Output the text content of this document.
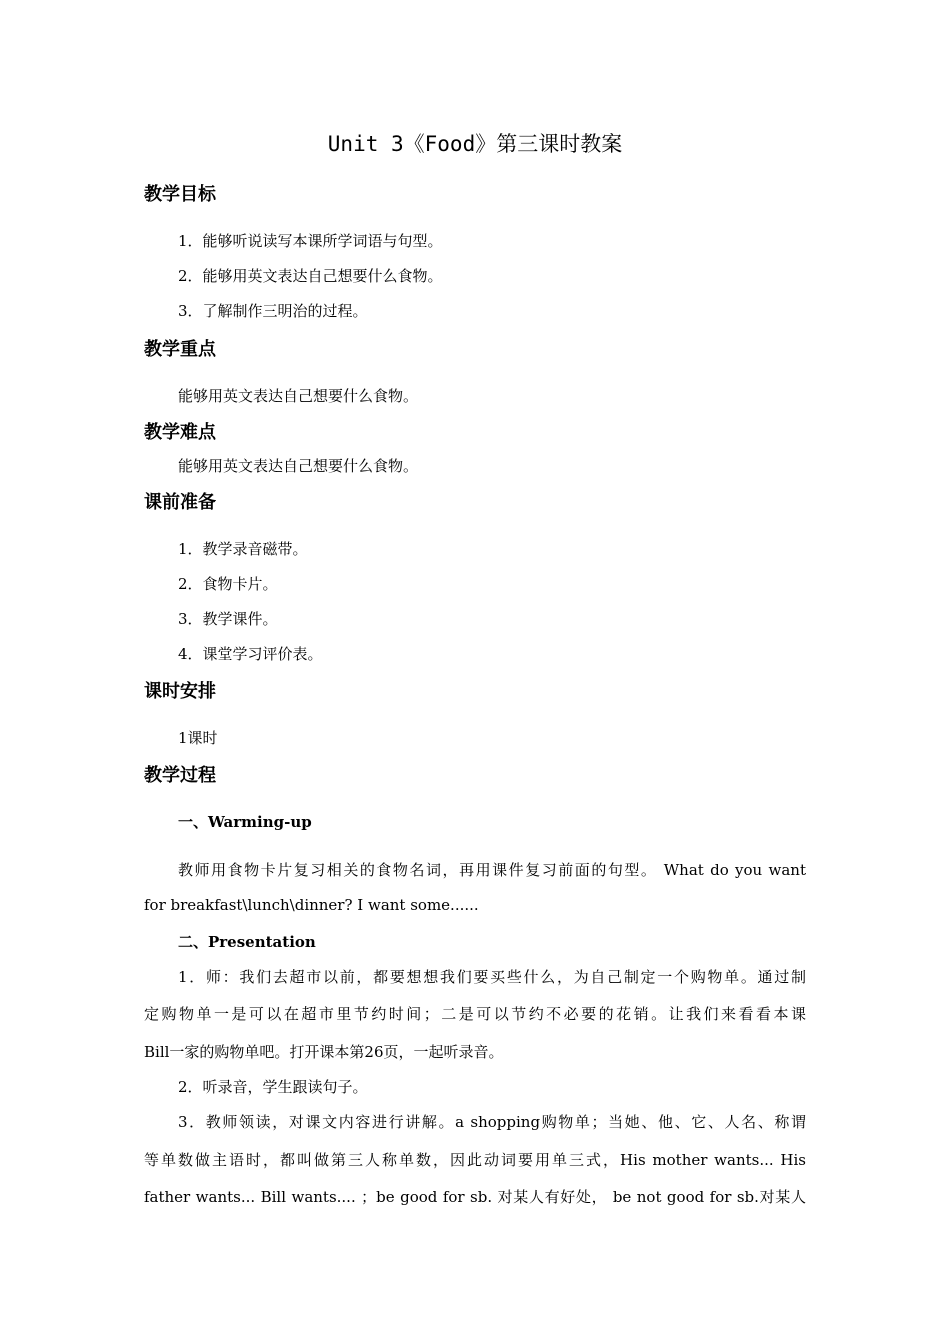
Unit 3《Food》第三课时教案
教学目标
1．能够听说读写本课所学词语与句型。
2．能够用英文表达自己想要什么食物。
3．了解制作三明治的过程。
教学重点
能够用英文表达自己想要什么食物。
教学难点
能够用英文表达自己想要什么食物。
课前准备
1．教学录音磁带。
2．食物卡片。
3．教学课件。
4．课堂学习评价表。
课时安排
1课时
教学过程
一、Warming-up
教师用食物卡片复习相关的食物名词，再用课件复习前面的句型。 What do you want
for breakfast\lunch\dinner? I want some......
二、Presentation
1．师：我们去超市以前，都要想想我们要买些什么，为自己制定一个购物单。通过制
定购物单一是可以在超市里节约时间；二是可以节约不必要的花销。让我们来看看本课
Bill一家的购物单吧。打开课本第26页，一起听录音。
2．听录音，学生跟读句子。
3．教师领读，对课文内容进行讲解。a shopping购物单；当她、他、它、人名、称谓
等单数做主语时，都叫做第三人称单数，因此动词要用单三式，His mother wants... His
father wants... Bill wants.... ；be good for sb. 对某人有好处， be not good for sb.对某人
